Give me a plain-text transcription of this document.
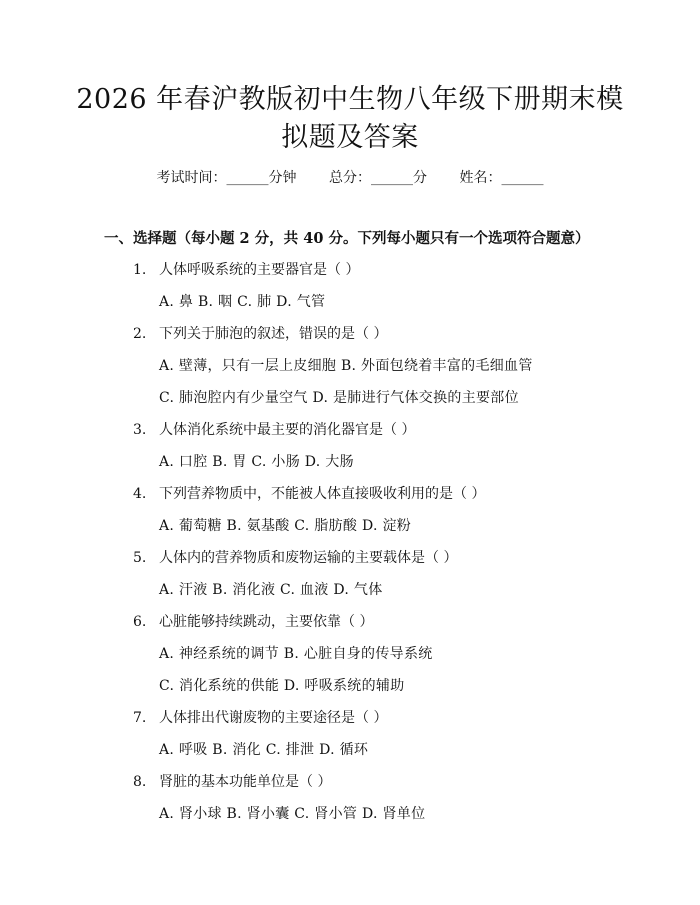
2026 年春沪教版初中生物八年级下册期末模
拟题及答案
考试时间：______分钟 总分：______分 姓名：______
一、选择题（每小题 2 分，共 40 分。下列每小题只有一个选项符合题意）
1. 人体呼吸系统的主要器官是（ ）
A. 鼻 B. 咽 C. 肺 D. 气管
2. 下列关于肺泡的叙述，错误的是（ ）
A. 壁薄，只有一层上皮细胞 B. 外面包绕着丰富的毛细血管
C. 肺泡腔内有少量空气 D. 是肺进行气体交换的主要部位
3. 人体消化系统中最主要的消化器官是（ ）
A. 口腔 B. 胃 C. 小肠 D. 大肠
4. 下列营养物质中，不能被人体直接吸收利用的是（ ）
A. 葡萄糖 B. 氨基酸 C. 脂肪酸 D. 淀粉
5. 人体内的营养物质和废物运输的主要载体是（ ）
A. 汗液 B. 消化液 C. 血液 D. 气体
6. 心脏能够持续跳动，主要依靠（ ）
A. 神经系统的调节 B. 心脏自身的传导系统
C. 消化系统的供能 D. 呼吸系统的辅助
7. 人体排出代谢废物的主要途径是（ ）
A. 呼吸 B. 消化 C. 排泄 D. 循环
8. 肾脏的基本功能单位是（ ）
A. 肾小球 B. 肾小囊 C. 肾小管 D. 肾单位
